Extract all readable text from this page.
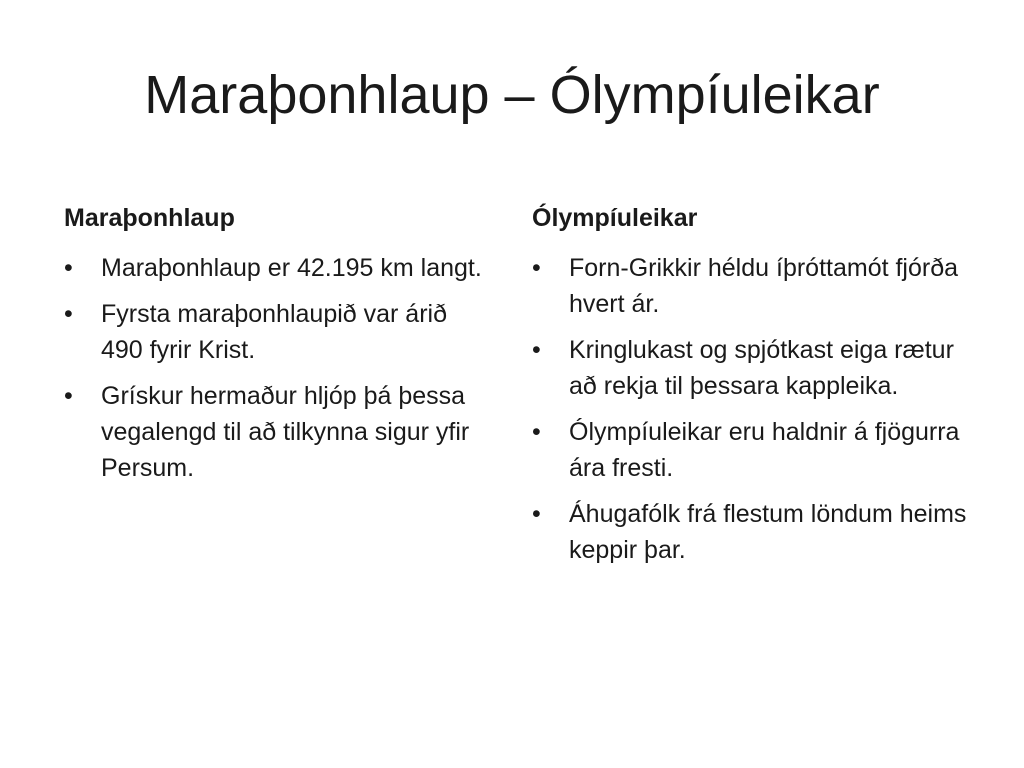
Maraþonhlaup – Ólympíuleikar
Maraþonhlaup
•	Maraþonhlaup er 42.195 km langt.
•	Fyrsta maraþonhlaupið var árið 490 fyrir Krist.
•	Grískur hermaður hljóp þá þessa vegalengd til að tilkynna sigur yfir Persum.
Ólympíuleikar
•	Forn-Grikkir héldu íþróttamót fjórða hvert ár.
•	Kringlukast og spjótkast eiga rætur að rekja til þessara kappleika.
•	Ólympíuleikar eru haldnir á fjögurra ára fresti.
•	Áhugafólk frá flestum löndum heims keppir þar.
